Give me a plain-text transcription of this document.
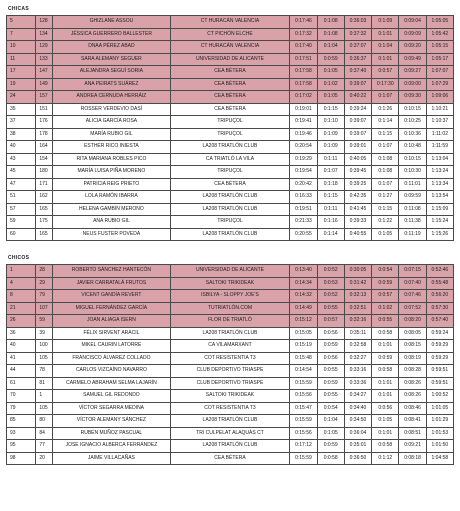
CHICAS
5	128	GHIZLANE ASSOU	CT HURACÁN VALENCIA	0:17:46	0:1:08	0:36:03	0:1:09	0:09:04	1:05:05
7	134	JÉSSICA GUERRERO BALLESTER	CT PICHÓN ELCHE	0:17:32	0:1:08	0:37:32	0:1:01	0:09:09	1:05:42
10	129	DNAA PÉREZ ABAD	CT HURACÁN VALENCIA	0:17:40	0:1:04	0:37:07	0:1:04	0:09:20	1:05:15
11	133	SARA ALEMANY SEGUER	UNIVERSIDAD DE ALICANTE	0:17:51	0:0:59	0:36:37	0:1:01	0:09:49	1:05:17
17	147	ALEJANDRA SEGUÍ SORIA	CEA BÉTERA	0:17:58	0:1:05	0:37:40	0:0:57	0:09:27	1:07:07
19	149	ANA PEIRATS SUÁREZ	CEA BÉTERA	0:17:58	0:1:02	0:39:07	0:17:30	0:09:00	1:07:29
24	157	ANDREA CERNUDA HERRÁIZ	CEA BÉTERA	0:17:02	0:1:05	0:40:22	0:1:07	0:09:30	1:09:06
35	151	ROSSER VERDEVIO DASÍ	CEA BÉTERA	0:19:01	0:1:15	0:39:24	0:1:26	0:10:15	1:10:21
37	176	ALICIA GARCÍA ROSA	TRIPUÇOL	0:19:41	0:1:10	0:39:07	0:1:14	0:10:25	1:10:37
38	178	MARÍA RUBIO GIL	TRIPUÇOL	0:19:46	0:1:09	0:39:07	0:1:15	0:10:36	1:11:02
40	164	ESTHER RICO INIESTA	LA208 TRIATLÓN CLUB	0:20:54	0:1:09	0:39:01	0:1:07	0:10:48	1:11:59
43	154	RITA MARIANA ROBLES PICO	CA TRIATLÓ LA VILA	0:19:29	0:1:11	0:40:05	0:1:08	0:10:15	1:13:04
45	180	MARÍA LUISA PIÑA MORENO	TRIPUÇOL	0:19:54	0:1:07	0:39:45	0:1:08	0:10:30	1:13:24
47	171	PATRICIA REIG PRIETO	CEA BÉTERA	0:20:42	0:1:18	0:39:25	0:1:07	0:11:01	1:13:34
51	162	LOLA RAMÓN IBARRA	LA208 TRIATLÓN CLUB	0:16:33	0:1:15	0:42:35	0:1:27	0:09:59	1:13:54
57	165	HELENA GAMBÍN MERONO	LA208 TRIATLÓN CLUB	0:19:51	0:1:11	0:41:45	0:1:15	0:11:08	1:15:09
59	175	ANA RUBIO GIL	TRIPUÇOL	0:21:33	0:1:16	0:39:33	0:1:22	0:11:38	1:15:24
60	165	NEUS FUSTER POVEDA	LA208 TRIATLÓN CLUB	0:20:55	0:1:14	0:40:55	0:1:05	0:11:19	1:15:26
CHICOS
1	28	ROBERTO SÁNCHEZ HANTECÓN	UNIVERSIDAD DE ALICANTE	0:13:40	0:0:52	0:30:05	0:0:54	0:07:15	0:52:46
4	29	JAVIER CARRATALÁ FRUTOS	SALTOKI TRIKIDEAK	0:14:34	0:0:53	0:31:42	0:0:59	0:07:40	0:55:48
8	79	VICENT GANDÍA REVERT	ISBILYA - SLOPPY JOE'S	0:14:32	0:0:52	0:32:13	0:0:57	0:07:46	0:56:20
21	107	MIGUEL FERNÁNDEZ GARCÍA	TUTRIATLÓN.COM	0:14:49	0:0:55	0:32:51	0:1:02	0:07:52	0:57:30
26	59	JOAN ALIAGA ISERN	FLOR DE TRIATLÓ	0:15:12	0:0:57	0:32:16	0:0:55	0:08:20	0:57:40
36	39	FÉLIX SIRVENT ARACIL	LA208 TRIATLÓN CLUB	0:15:05	0:0:56	0:35:11	0:0:58	0:08:05	0:59:24
40	100	MIKEL CAURIN LATORRE	CA VILAMARXANT	0:15:19	0:0:59	0:32:58	0:1:01	0:08:15	0:59:29
41	105	FRANCISCO ÁLVAREZ COLLADO	COT RESISTENTIA T3	0:15:48	0:0:56	0:32:27	0:0:59	0:08:19	0:59:29
44	78	CARLOS VIZCAÍNO NAVARRO	CLUB DEPORTIVO TRIASPE	0:14:54	0:0:55	0:33:16	0:0:58	0:08:28	0:59:51
61	81	CARMELO ABRAHAM SELMA LAJARÍN	CLUB DEPORTIVO TRIASPE	0:15:59	0:0:59	0:33:36	0:1:01	0:08:26	0:59:51
70	1	SAMUEL GIL REDONDO	SALTOKI TRIKIDEAK	0:15:56	0:0:55	0:34:27	0:1:01	0:08:26	1:00:52
79	105	VÍCTOR SEGARRA MEDINA	COT RESISTENTIA T3	0:15:47	0:0:54	0:34:40	0:0:56	0:08:46	1:01:05
85	80	VÍCTOR ALEMANY SÁNCHEZ	LA208 TRIATLÓN CLUB	0:15:59	0:1:04	0:34:50	0:1:05	0:08:41	1:01:29
93	84	RUBÉN MUÑOZ PASCUAL	TRI CULPELAT ALAQUÀS CT	0:15:56	0:1:05	0:36:04	0:1:01	0:08:51	1:01:53
95	77	JOSE IGNACIO ALBERCA FERRÁNDEZ	LA208 TRIATLÓN CLUB	0:17:12	0:0:59	0:35:01	0:0:58	0:09:21	1:01:50
98	20	JAIME VILLACAÑAS	CEA BÉTERA	0:15:59	0:0:58	0:36:50	0:1:12	0:08:18	1:04:58
